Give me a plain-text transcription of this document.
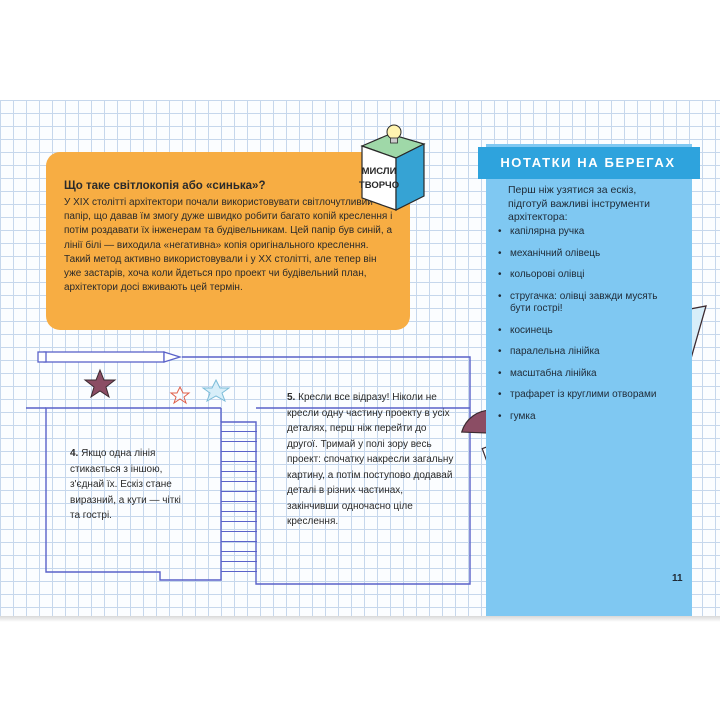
Що таке світлокопія або «синька»?
У XIX столітті архітектори почали використовувати світлочутливий папір, що давав їм змогу дуже швидко робити багато копій креслення і потім роздавати їх інженерам та будівельникам. Цей папір був синій, а лінії білі — виходила «негативна» копія оригінального креслення. Такий метод активно використовували і у XX столітті, але тепер він уже застарів, хоча коли йдеться про проект чи будівельний план, архітектори досі вживають цей термін.
МИСЛИ
ТВОРЧО
4. Якщо одна лінія стикається з іншою, з'єднай їх. Ескіз стане виразний, а кути — чіткі та гострі.
5. Кресли все відразу! Ніколи не кресли одну частину проекту в усіх деталях, перш ніж перейти до другої. Тримай у полі зору весь проект: спочатку накресли загальну картину, а потім поступово додавай деталі в різних частинах, закінчивши одночасно ціле креслення.
НОТАТКИ НА БЕРЕГАХ
Перш ніж узятися за ескіз, підготуй важливі інструменти архітектора:
• капілярна ручка
• механічний олівець
• кольорові олівці
• стругачка: олівці завжди мусять бути гострі!
• косинець
• паралельна лінійка
• масштабна лінійка
• трафарет із круглими отворами
• гумка
11
